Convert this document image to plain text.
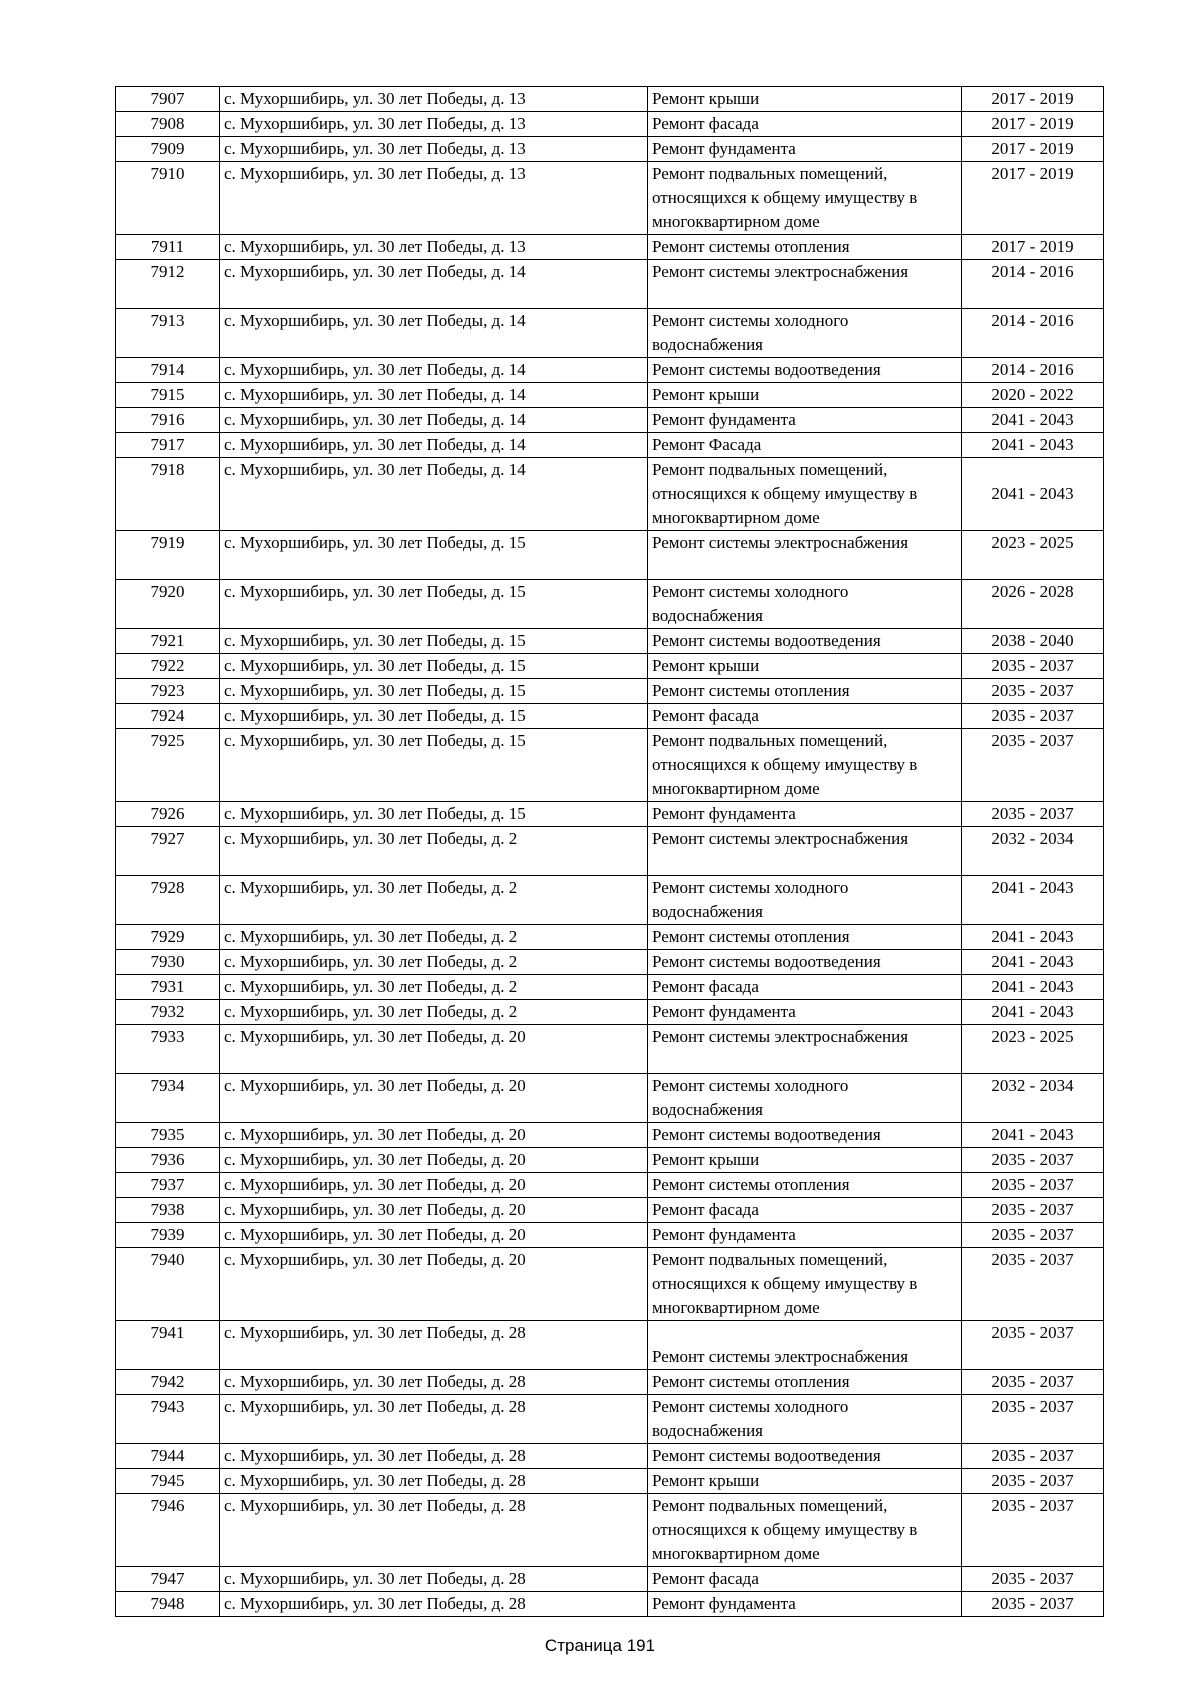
7907	с. Мухоршибирь, ул. 30 лет Победы, д. 13	Ремонт крыши	2017 - 2019
7908	с. Мухоршибирь, ул. 30 лет Победы, д. 13	Ремонт фасада	2017 - 2019
7909	с. Мухоршибирь, ул. 30 лет Победы, д. 13	Ремонт фундамента	2017 - 2019
7910	с. Мухоршибирь, ул. 30 лет Победы, д. 13	Ремонт подвальных помещений,
относящихся к общему имуществу в
многоквартирном доме	2017 - 2019
7911	с. Мухоршибирь, ул. 30 лет Победы, д. 13	Ремонт системы отопления	2017 - 2019
7912	с. Мухоршибирь, ул. 30 лет Победы, д. 14	Ремонт системы электроснабжения	2014 - 2016
7913	с. Мухоршибирь, ул. 30 лет Победы, д. 14	Ремонт системы холодного
водоснабжения	2014 - 2016
7914	с. Мухоршибирь, ул. 30 лет Победы, д. 14	Ремонт системы водоотведения	2014 - 2016
7915	с. Мухоршибирь, ул. 30 лет Победы, д. 14	Ремонт крыши	2020 - 2022
7916	с. Мухоршибирь, ул. 30 лет Победы, д. 14	Ремонт фундамента	2041 - 2043
7917	с. Мухоршибирь, ул. 30 лет Победы, д. 14	Ремонт Фасада	2041 - 2043
7918	с. Мухоршибирь, ул. 30 лет Победы, д. 14	Ремонт подвальных помещений,
относящихся к общему имуществу в
многоквартирном доме	2041 - 2043
7919	с. Мухоршибирь, ул. 30 лет Победы, д. 15	Ремонт системы электроснабжения	2023 - 2025
7920	с. Мухоршибирь, ул. 30 лет Победы, д. 15	Ремонт системы холодного
водоснабжения	2026 - 2028
7921	с. Мухоршибирь, ул. 30 лет Победы, д. 15	Ремонт системы водоотведения	2038 - 2040
7922	с. Мухоршибирь, ул. 30 лет Победы, д. 15	Ремонт крыши	2035 - 2037
7923	с. Мухоршибирь, ул. 30 лет Победы, д. 15	Ремонт системы отопления	2035 - 2037
7924	с. Мухоршибирь, ул. 30 лет Победы, д. 15	Ремонт фасада	2035 - 2037
7925	с. Мухоршибирь, ул. 30 лет Победы, д. 15	Ремонт подвальных помещений,
относящихся к общему имуществу в
многоквартирном доме	2035 - 2037
7926	с. Мухоршибирь, ул. 30 лет Победы, д. 15	Ремонт фундамента	2035 - 2037
7927	с. Мухоршибирь, ул. 30 лет Победы, д. 2	Ремонт системы электроснабжения	2032 - 2034
7928	с. Мухоршибирь, ул. 30 лет Победы, д. 2	Ремонт системы холодного
водоснабжения	2041 - 2043
7929	с. Мухоршибирь, ул. 30 лет Победы, д. 2	Ремонт системы отопления	2041 - 2043
7930	с. Мухоршибирь, ул. 30 лет Победы, д. 2	Ремонт системы водоотведения	2041 - 2043
7931	с. Мухоршибирь, ул. 30 лет Победы, д. 2	Ремонт фасада	2041 - 2043
7932	с. Мухоршибирь, ул. 30 лет Победы, д. 2	Ремонт фундамента	2041 - 2043
7933	с. Мухоршибирь, ул. 30 лет Победы, д. 20	Ремонт системы электроснабжения	2023 - 2025
7934	с. Мухоршибирь, ул. 30 лет Победы, д. 20	Ремонт системы холодного
водоснабжения	2032 - 2034
7935	с. Мухоршибирь, ул. 30 лет Победы, д. 20	Ремонт системы водоотведения	2041 - 2043
7936	с. Мухоршибирь, ул. 30 лет Победы, д. 20	Ремонт крыши	2035 - 2037
7937	с. Мухоршибирь, ул. 30 лет Победы, д. 20	Ремонт системы отопления	2035 - 2037
7938	с. Мухоршибирь, ул. 30 лет Победы, д. 20	Ремонт фасада	2035 - 2037
7939	с. Мухоршибирь, ул. 30 лет Победы, д. 20	Ремонт фундамента	2035 - 2037
7940	с. Мухоршибирь, ул. 30 лет Победы, д. 20	Ремонт подвальных помещений,
относящихся к общему имуществу в
многоквартирном доме	2035 - 2037
7941	с. Мухоршибирь, ул. 30 лет Победы, д. 28	Ремонт системы электроснабжения	2035 - 2037
7942	с. Мухоршибирь, ул. 30 лет Победы, д. 28	Ремонт системы отопления	2035 - 2037
7943	с. Мухоршибирь, ул. 30 лет Победы, д. 28	Ремонт системы холодного
водоснабжения	2035 - 2037
7944	с. Мухоршибирь, ул. 30 лет Победы, д. 28	Ремонт системы водоотведения	2035 - 2037
7945	с. Мухоршибирь, ул. 30 лет Победы, д. 28	Ремонт крыши	2035 - 2037
7946	с. Мухоршибирь, ул. 30 лет Победы, д. 28	Ремонт подвальных помещений,
относящихся к общему имуществу в
многоквартирном доме	2035 - 2037
7947	с. Мухоршибирь, ул. 30 лет Победы, д. 28	Ремонт фасада	2035 - 2037
7948	с. Мухоршибирь, ул. 30 лет Победы, д. 28	Ремонт фундамента	2035 - 2037
Страница 191
